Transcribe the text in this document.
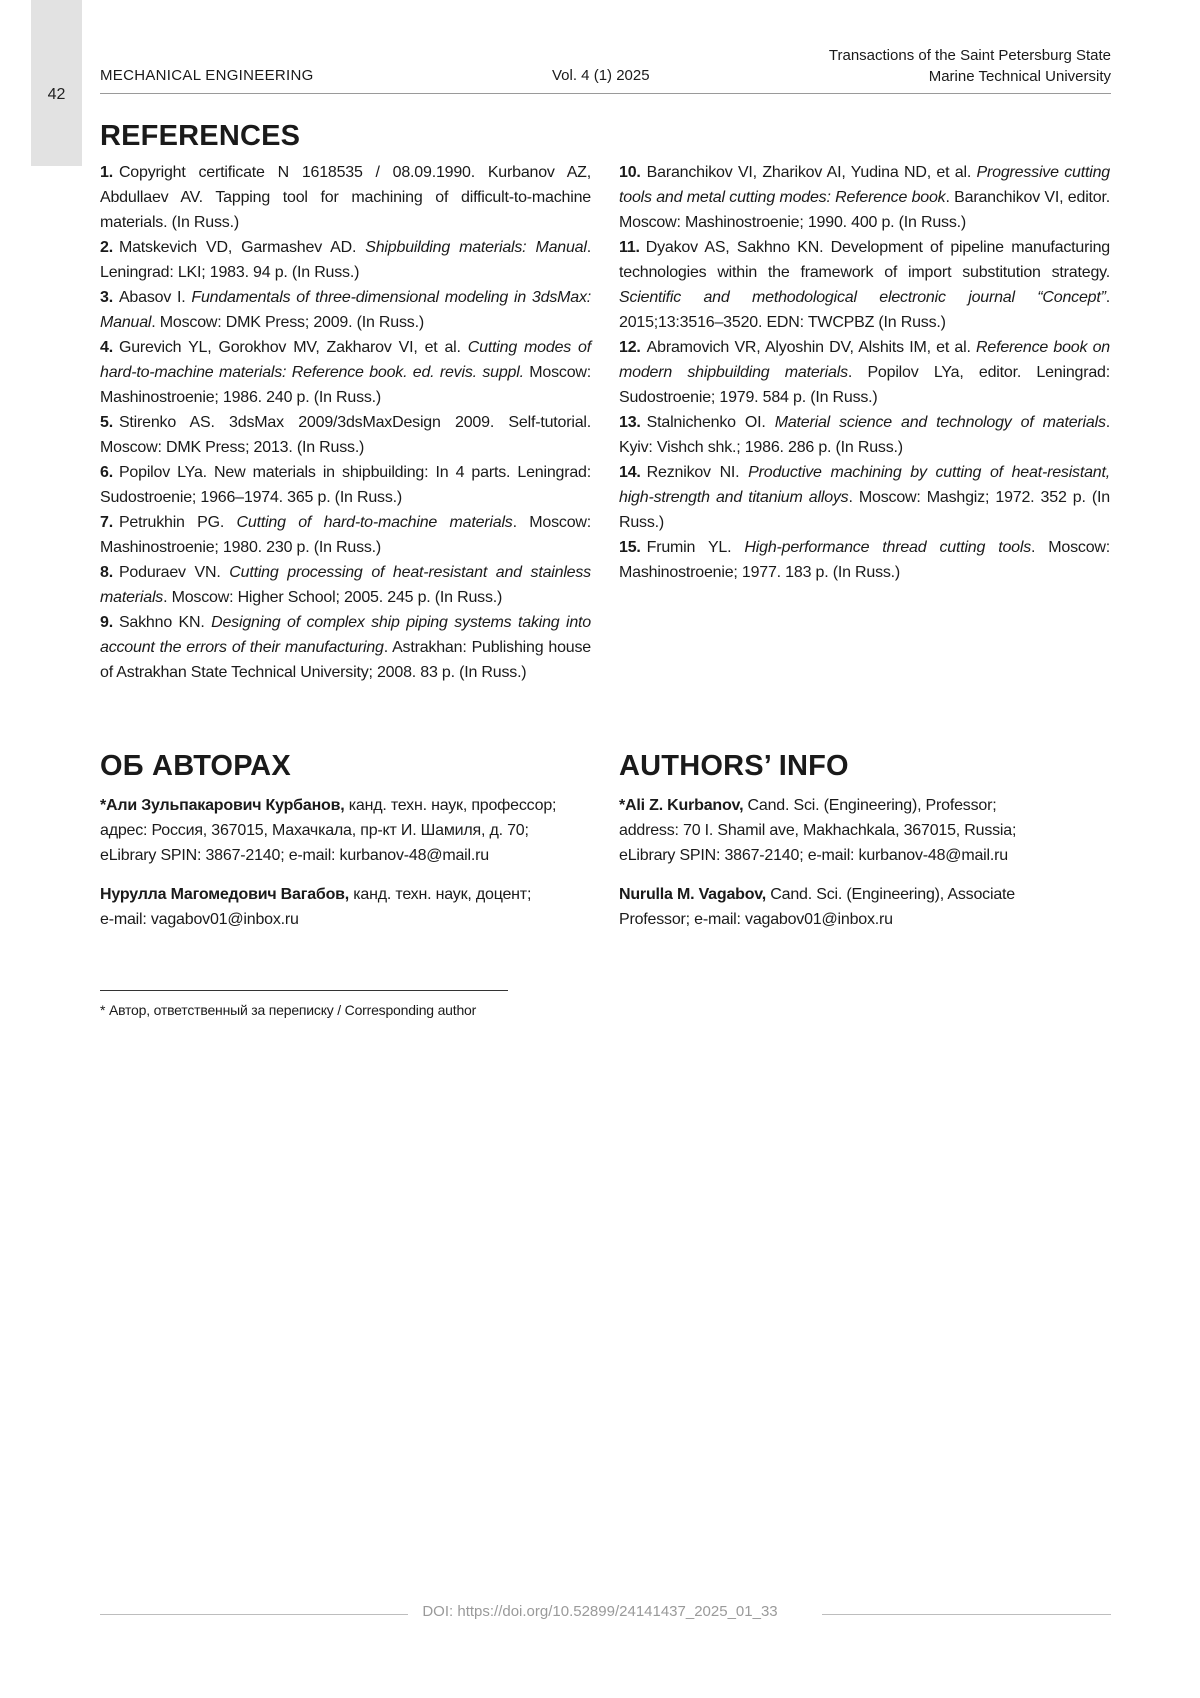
42
MECHANICAL ENGINEERING	Vol. 4 (1) 2025
Transactions of the Saint Petersburg State
Marine Technical University
REFERENCES

1. Copyright certificate N 1618535 / 08.09.1990. Kurbanov AZ, Abdullaev AV. Tapping tool for machining of difficult-to-machine materials. (In Russ.)

2. Matskevich VD, Garmashev AD. Shipbuilding materials: Manual. Leningrad: LKI; 1983. 94 p. (In Russ.)

3. Abasov I. Fundamentals of three-dimensional modeling in 3dsMax: Manual. Moscow: DMK Press; 2009. (In Russ.)

4. Gurevich YL, Gorokhov MV, Zakharov VI, et al. Cutting modes of hard-to-machine materials: Reference book. ed. revis. suppl. Moscow: Mashinostroenie; 1986. 240 p. (In Russ.)

5. Stirenko AS. 3dsMax 2009/3dsMaxDesign 2009. Self-tutorial. Moscow: DMK Press; 2013. (In Russ.)

6. Popilov LYa. New materials in shipbuilding: In 4 parts. Leningrad: Sudostroenie; 1966–1974. 365 p. (In Russ.)

7. Petrukhin PG. Cutting of hard-to-machine materials. Moscow: Mashinostroenie; 1980. 230 p. (In Russ.)

8. Poduraev VN. Cutting processing of heat-resistant and stainless materials. Moscow: Higher School; 2005. 245 p. (In Russ.)

9. Sakhno KN. Designing of complex ship piping systems taking into account the errors of their manufacturing. Astrakhan: Publishing house of Astrakhan State Technical University; 2008. 83 p. (In Russ.)

10. Baranchikov VI, Zharikov AI, Yudina ND, et al. Progressive cutting tools and metal cutting modes: Reference book. Baranchikov VI, editor. Moscow: Mashinostroenie; 1990. 400 p. (In Russ.)

11. Dyakov AS, Sakhno KN. Development of pipeline manufacturing technologies within the framework of import substitution strategy. Scientific and methodological electronic journal “Concept”. 2015;13:3516–3520. EDN: TWCPBZ (In Russ.)

12. Abramovich VR, Alyoshin DV, Alshits IM, et al. Reference book on modern shipbuilding materials. Popilov LYa, editor. Leningrad: Sudostroenie; 1979. 584 p. (In Russ.)

13. Stalnichenko OI. Material science and technology of materials. Kyiv: Vishch shk.; 1986. 286 p. (In Russ.)

14. Reznikov NI. Productive machining by cutting of heat-resistant, high-strength and titanium alloys. Moscow: Mashgiz; 1972. 352 p. (In Russ.)

15. Frumin YL. High-performance thread cutting tools. Moscow: Mashinostroenie; 1977. 183 p. (In Russ.)

ОБ АВТОРАХ	AUTHORS’ INFO

*Али Зульпакарович Курбанов, канд. техн. наук, профессор;
адрес: Россия, 367015, Махачкала, пр-кт И. Шамиля, д. 70;
eLibrary SPIN: 3867-2140; e-mail: kurbanov-48@mail.ru

Нурулла Магомедович Вагабов, канд. техн. наук, доцент;
e-mail: vagabov01@inbox.ru

*Ali Z. Kurbanov, Cand. Sci. (Engineering), Professor;
address: 70 I. Shamil ave, Makhachkala, 367015, Russia;
eLibrary SPIN: 3867-2140; e-mail: kurbanov-48@mail.ru

Nurulla M. Vagabov, Cand. Sci. (Engineering), Associate
Professor; e-mail: vagabov01@inbox.ru

* Автор, ответственный за переписку / Corresponding author
DOI: https://doi.org/10.52899/24141437_2025_01_33
